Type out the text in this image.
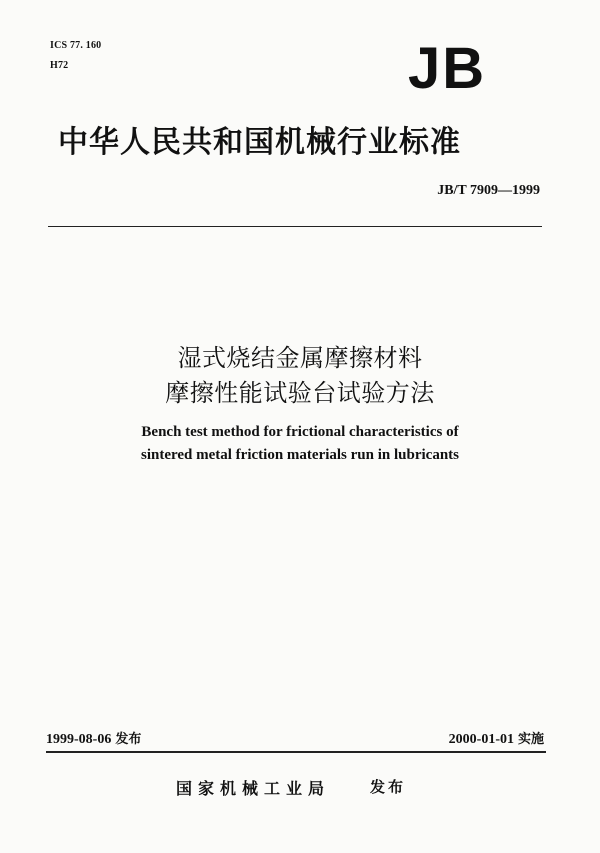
ICS 77. 160
H72	JB
中华人民共和国机械行业标准
JB/T 7909—1999
湿式烧结金属摩擦材料
摩擦性能试验台试验方法
Bench test method for frictional characteristics of
sintered metal friction materials run in lubricants
1999-08-06 发布	2000-01-01 实施
国家机械工业局	发布
